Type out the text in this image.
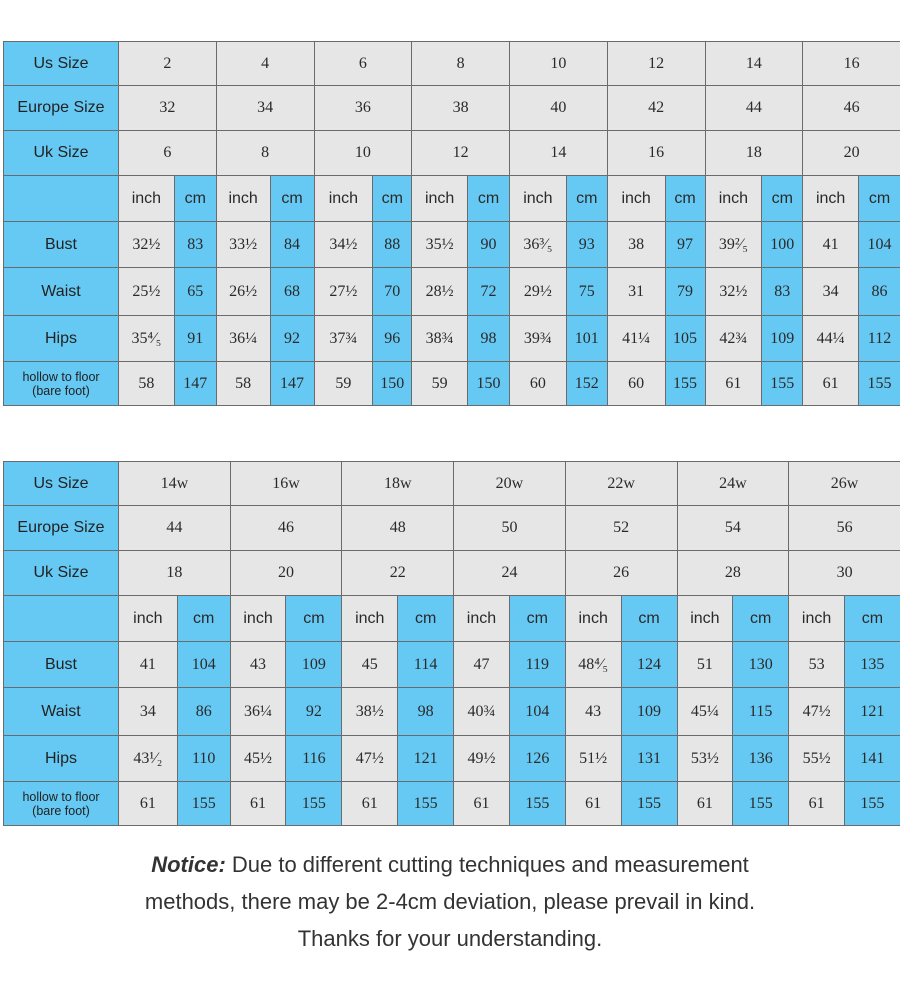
Us Size	2		4		6		8		10		12		14		16	
Europe Size	32		34		36		38		40		42		44		46	
Uk Size	6		8		10		12		14		16		18		20	
	inch	cm	inch	cm	inch	cm	inch	cm	inch	cm	inch	cm	inch	cm	inch	cm
Bust	32½	83	33½	84	34½	88	35½	90	36³⁄₅	93	38	97	39²⁄₅	100	41	104
Waist	25½	65	26½	68	27½	70	28½	72	29½	75	31	79	32½	83	34	86
Hips	35⁴⁄₅	91	36¼	92	37¾	96	38¾	98	39¾	101	41¼	105	42¾	109	44¼	112

hollow to floor
(bare foot)	58	147	58	147	59	150	59	150	60	152	60	155	61	155	61	155
Us Size	14w		16w		18w		20w		22w		24w		26w	
Europe Size	44		46		48		50		52		54		56	
Uk Size	18		20		22		24		26		28		30	
	inch	cm	inch	cm	inch	cm	inch	cm	inch	cm	inch	cm	inch	cm
Bust	41	104	43	109	45	114	47	119	48⁴⁄₅	124	51	130	53	135
Waist	34	86	36¼	92	38½	98	40¾	104	43	109	45¼	115	47½	121
Hips	43¹⁄₂	110	45½	116	47½	121	49½	126	51½	131	53½	136	55½	141

hollow to floor
(bare foot)	61	155	61	155	61	155	61	155	61	155	61	155	61	155
Notice: Due to different cutting techniques and measurement
methods, there may be 2-4cm deviation, please prevail in kind.
Thanks for your understanding.
